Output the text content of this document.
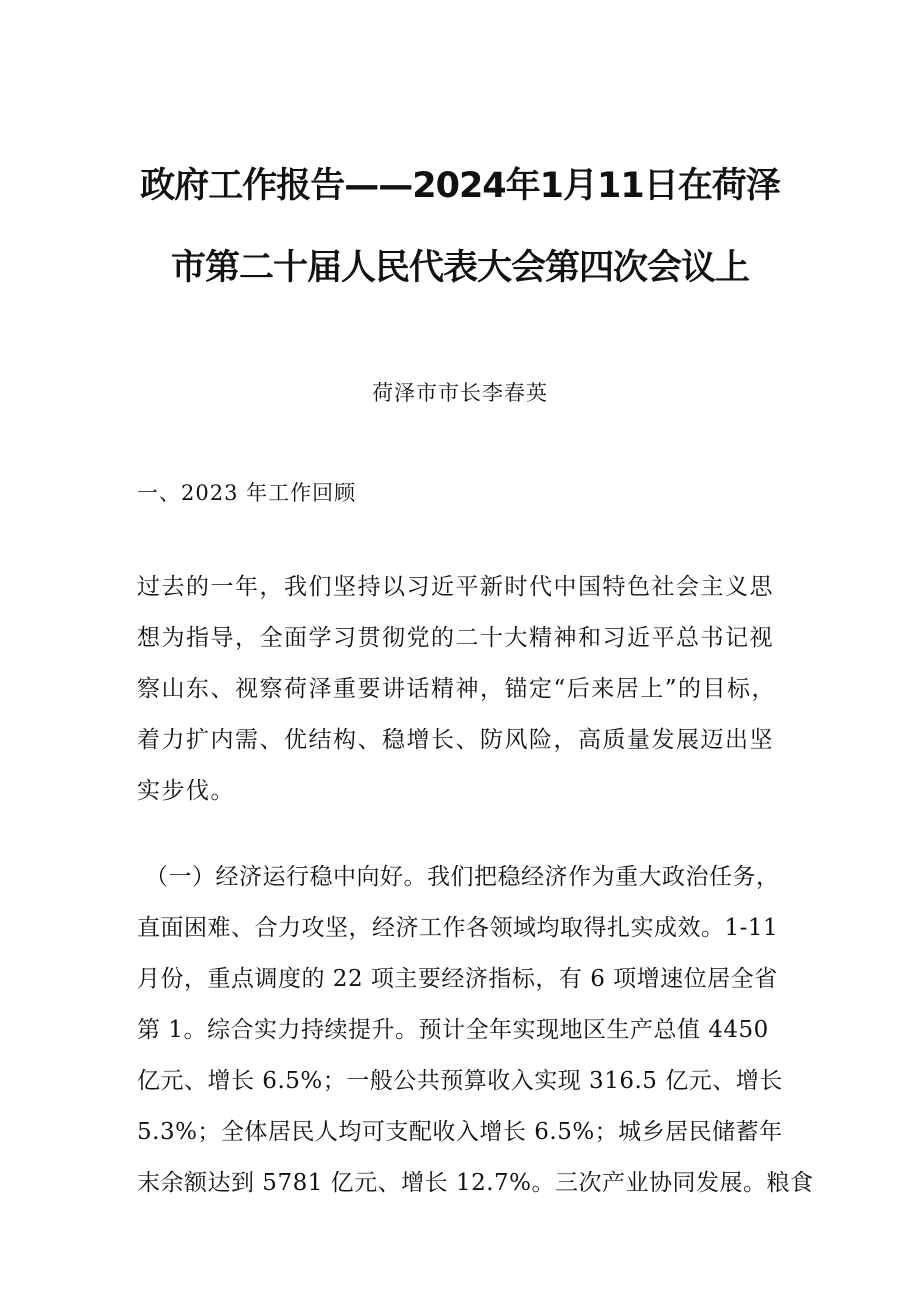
政府工作报告——2024年1月11日在荷泽
市第二十届人民代表大会第四次会议上
荷泽市市长李春英
一、2023 年工作回顾
过去的一年，我们坚持以习近平新时代中国特色社会主义思
想为指导，全面学习贯彻党的二十大精神和习近平总书记视
察山东、视察荷泽重要讲话精神，锚定“后来居上”的目标，
着力扩内需、优结构、稳增长、防风险，高质量发展迈出坚
实步伐。
（一）经济运行稳中向好。我们把稳经济作为重大政治任务，
直面困难、合力攻坚，经济工作各领域均取得扎实成效。1-11
月份，重点调度的 22 项主要经济指标，有 6 项增速位居全省
第 1。综合实力持续提升。预计全年实现地区生产总值 4450
亿元、增长 6.5%；一般公共预算收入实现 316.5 亿元、增长
5.3%；全体居民人均可支配收入增长 6.5%；城乡居民储蓄年
末余额达到 5781 亿元、增长 12.7%。三次产业协同发展。粮食
